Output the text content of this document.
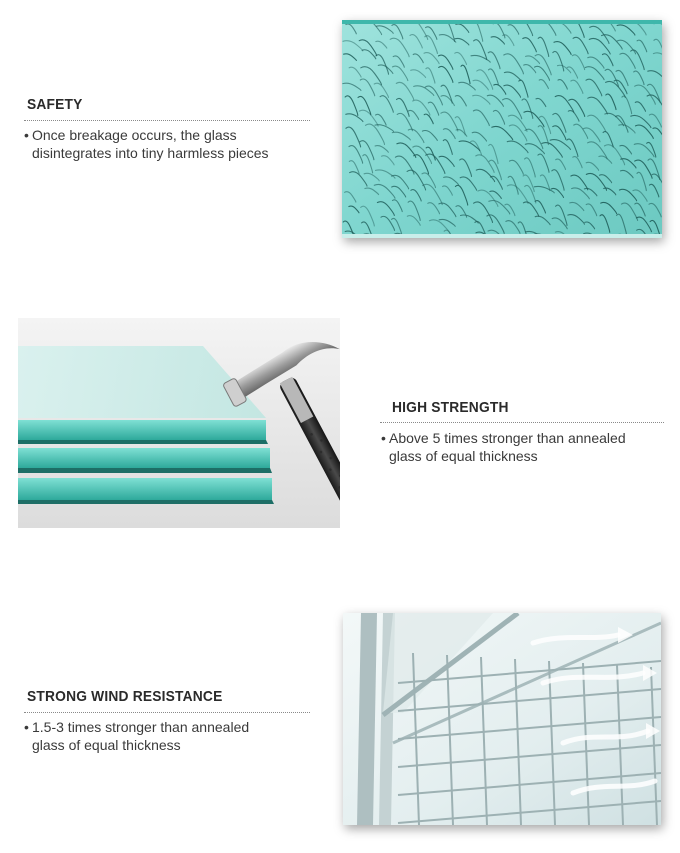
SAFETY
• Once breakage occurs, the glass
disintegrates into tiny harmless pieces
HIGH STRENGTH
• Above 5 times stronger than annealed
glass of equal thickness
STRONG WIND RESISTANCE
• 1.5-3 times stronger than annealed
glass of equal thickness
